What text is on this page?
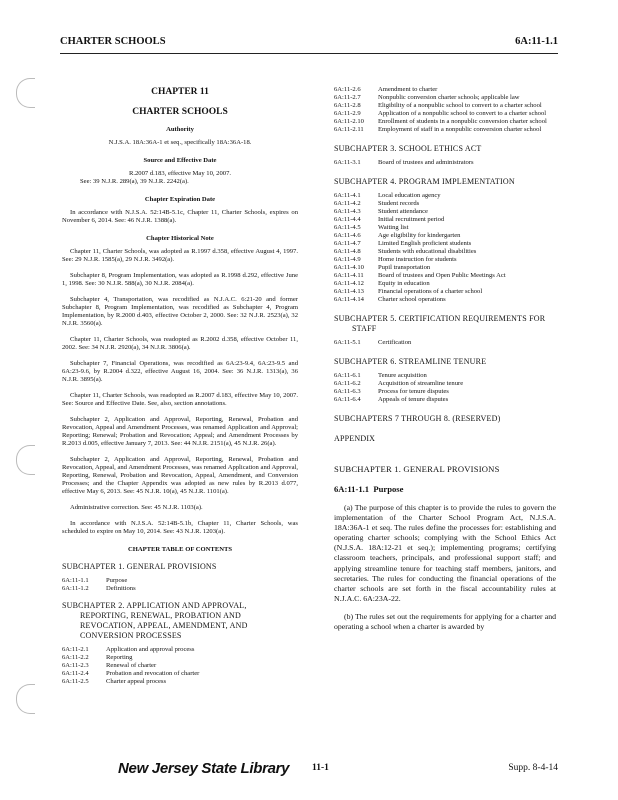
CHARTER SCHOOLS	6A:11-1.1
CHAPTER 11
CHARTER SCHOOLS
Authority
N.J.S.A. 18A:36A-1 et seq., specifically 18A:36A-18.
Source and Effective Date
R.2007 d.183, effective May 10, 2007.
See: 39 N.J.R. 289(a), 39 N.J.R. 2242(a).
Chapter Expiration Date

In accordance with N.J.S.A. 52:14B-5.1c, Chapter 11, Charter Schools, expires on November 6, 2014. See: 46 N.J.R. 1388(a).

Chapter Historical Note

Chapter 11, Charter Schools, was adopted as R.1997 d.358, effective August 4, 1997. See: 29 N.J.R. 1585(a), 29 N.J.R. 3492(a).

Subchapter 8, Program Implementation, was adopted as R.1998 d.292, effective June 1, 1998. See: 30 N.J.R. 588(a), 30 N.J.R. 2084(a).

Subchapter 4, Transportation, was recodified as N.J.A.C. 6:21-20 and former Subchapter 8, Program Implementation, was recodified as Subchapter 4, Program Implementation, by R.2000 d.403, effective October 2, 2000. See: 32 N.J.R. 2523(a), 32 N.J.R. 3560(a).

Chapter 11, Charter Schools, was readopted as R.2002 d.358, effective October 11, 2002. See: 34 N.J.R. 2920(a), 34 N.J.R. 3806(a).

Subchapter 7, Financial Operations, was recodified as 6A:23-9.4, 6A:23-9.5 and 6A:23-9.6, by R.2004 d.322, effective August 16, 2004. See: 36 N.J.R. 1313(a), 36 N.J.R. 3895(a).

Chapter 11, Charter Schools, was readopted as R.2007 d.183, effective May 10, 2007. See: Source and Effective Date. See, also, section annotations.

Subchapter 2, Application and Approval, Reporting, Renewal, Probation and Revocation, Appeal and Amendment Processes, was renamed Application and Approval; Reporting; Renewal; Probation and Revocation; Appeal; and Amendment Processes by R.2013 d.005, effective January 7, 2013. See: 44 N.J.R. 2151(a), 45 N.J.R. 26(a).

Subchapter 2, Application and Approval, Reporting, Renewal, Probation and Revocation, Appeal, and Amendment Processes, was renamed Application and Approval, Reporting, Renewal, Probation and Revocation, Appeal, Amendment, and Conversion Processes; and the Chapter Appendix was adopted as new rules by R.2013 d.077, effective May 6, 2013. See: 45 N.J.R. 10(a), 45 N.J.R. 1101(a).

Administrative correction. See: 45 N.J.R. 1103(a).

In accordance with N.J.S.A. 52:14B-5.1b, Chapter 11, Charter Schools, was scheduled to expire on May 10, 2014. See: 43 N.J.R. 1203(a).

CHAPTER TABLE OF CONTENTS
SUBCHAPTER 1. GENERAL PROVISIONS
6A:11-1.1	Purpose
6A:11-1.2	Definitions
SUBCHAPTER 2. APPLICATION AND APPROVAL,
REPORTING, RENEWAL, PROBATION AND
REVOCATION, APPEAL, AMENDMENT, AND
CONVERSION PROCESSES
6A:11-2.1	Application and approval process
6A:11-2.2	Reporting
6A:11-2.3	Renewal of charter
6A:11-2.4	Probation and revocation of charter
6A:11-2.5	Charter appeal process
6A:11-2.6	Amendment to charter
6A:11-2.7	Nonpublic conversion charter schools; applicable law
6A:11-2.8	Eligibility of a nonpublic school to convert to a charter school
6A:11-2.9	Application of a nonpublic school to convert to a charter school
6A:11-2.10	Enrollment of students in a nonpublic conversion charter school
6A:11-2.11	Employment of staff in a nonpublic conversion charter school
SUBCHAPTER 3. SCHOOL ETHICS ACT
6A:11-3.1	Board of trustees and administrators
SUBCHAPTER 4. PROGRAM IMPLEMENTATION
6A:11-4.1	Local education agency
6A:11-4.2	Student records
6A:11-4.3	Student attendance
6A:11-4.4	Initial recruitment period
6A:11-4.5	Waiting list
6A:11-4.6	Age eligibility for kindergarten
6A:11-4.7	Limited English proficient students
6A:11-4.8	Students with educational disabilities
6A:11-4.9	Home instruction for students
6A:11-4.10	Pupil transportation
6A:11-4.11	Board of trustees and Open Public Meetings Act
6A:11-4.12	Equity in education
6A:11-4.13	Financial operations of a charter school
6A:11-4.14	Charter school operations
SUBCHAPTER 5. CERTIFICATION REQUIREMENTS FOR
STAFF
6A:11-5.1	Certification
SUBCHAPTER 6. STREAMLINE TENURE
6A:11-6.1	Tenure acquisition
6A:11-6.2	Acquisition of streamline tenure
6A:11-6.3	Process for tenure disputes
6A:11-6.4	Appeals of tenure disputes
SUBCHAPTERS 7 THROUGH 8. (RESERVED)
APPENDIX
SUBCHAPTER 1. GENERAL PROVISIONS
6A:11-1.1 Purpose

(a) The purpose of this chapter is to provide the rules to govern the implementation of the Charter School Program Act, N.J.S.A. 18A:36A-1 et seq. The rules define the processes for: establishing and operating charter schools; complying with the School Ethics Act (N.J.S.A. 18A:12-21 et seq.); implementing programs; certifying classroom teachers, principals, and professional support staff; and applying streamline tenure for teaching staff members, janitors, and secretaries. The rules for conducting the financial operations of the charter schools are set forth in the fiscal accountability rules at N.J.A.C. 6A:23A-22.

(b) The rules set out the requirements for applying for a charter and operating a school when a charter is awarded by

New Jersey State Library 11-1	Supp. 8-4-14
